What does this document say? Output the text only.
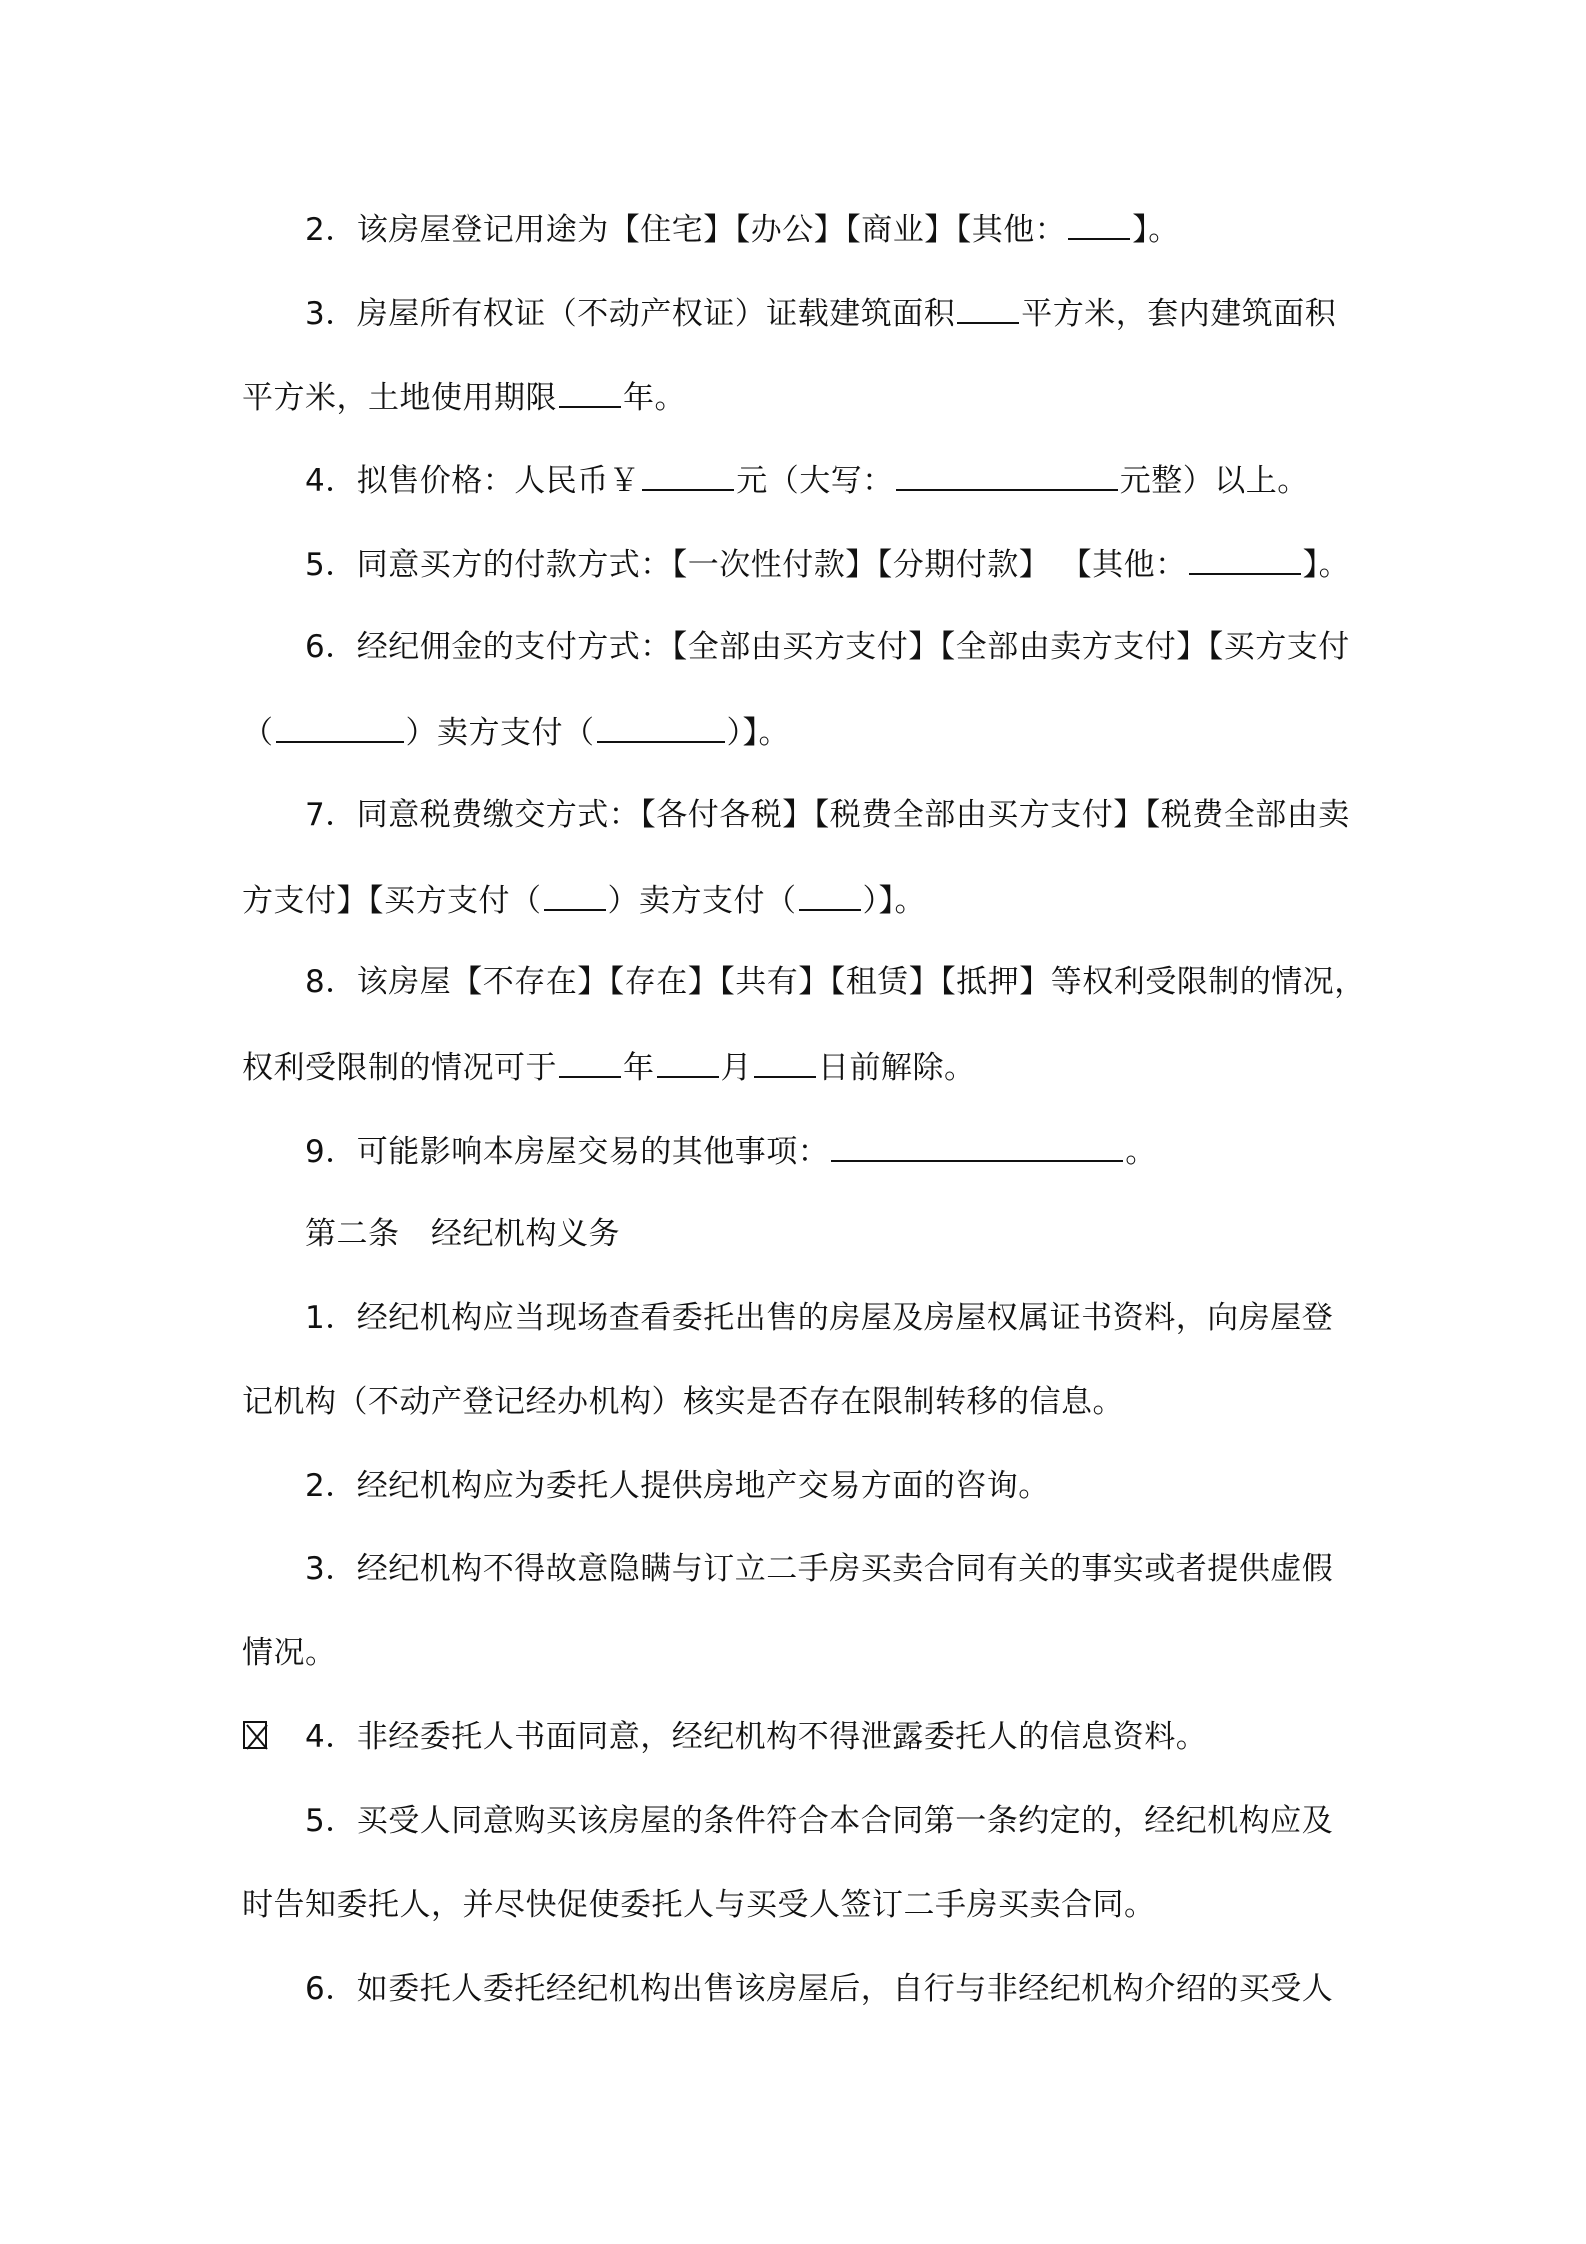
2．该房屋登记用途为【住宅】【办公】【商业】【其他： 】。
3．房屋所有权证（不动产权证）证载建筑面积 平方米，套内建筑面积
平方米，土地使用期限 年。
4．拟售价格：人民币￥	元（大写：	元整）以上。
5．同意买方的付款方式：【一次性付款】【分期付款】 【其他：	】。
6．经纪佣金的支付方式：【全部由买方支付】【全部由卖方支付】【买方支付
（	）卖方支付（	）】。
7．同意税费缴交方式：【各付各税】【税费全部由买方支付】【税费全部由卖
方支付】【买方支付（ ）卖方支付（ ）】。
8．该房屋【不存在】【存在】【共有】【租赁】【抵押】等权利受限制的情况，
权利受限制的情况可于 年 月 日前解除。
9．可能影响本房屋交易的其他事项：	。
第二条　经纪机构义务
1．经纪机构应当现场查看委托出售的房屋及房屋权属证书资料，向房屋登
记机构（不动产登记经办机构）核实是否存在限制转移的信息。
2．经纪机构应为委托人提供房地产交易方面的咨询。
3．经纪机构不得故意隐瞒与订立二手房买卖合同有关的事实或者提供虚假
情况。
4．非经委托人书面同意，经纪机构不得泄露委托人的信息资料。
5．买受人同意购买该房屋的条件符合本合同第一条约定的，经纪机构应及
时告知委托人，并尽快促使委托人与买受人签订二手房买卖合同。
6．如委托人委托经纪机构出售该房屋后，自行与非经纪机构介绍的买受人
